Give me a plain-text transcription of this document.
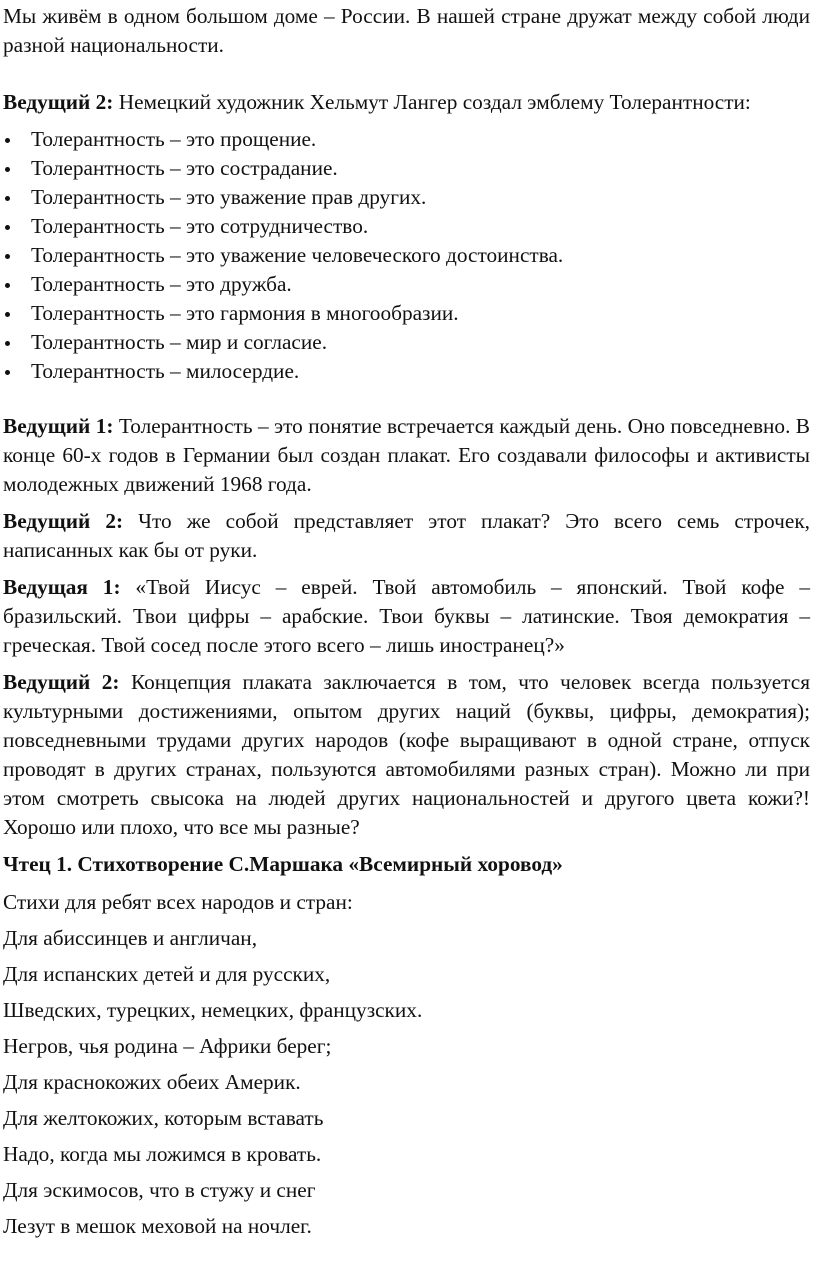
Мы живём в одном большом доме – России. В нашей стране дружат между собой люди разной национальности.

Ведущий 2: Немецкий художник Хельмут Лангер создал эмблему Толерантности:

Толерантность – это прощение.
Толерантность – это сострадание.
Толерантность – это уважение прав других.
Толерантность – это сотрудничество.
Толерантность – это уважение человеческого достоинства.
Толерантность – это дружба.
Толерантность – это гармония в многообразии.
Толерантность – мир и согласие.
Толерантность – милосердие.

Ведущий 1: Толерантность – это понятие встречается каждый день. Оно повседневно. В конце 60-х годов в Германии был создан плакат. Его создавали философы и активисты молодежных движений 1968 года.

Ведущий 2: Что же собой представляет этот плакат? Это всего семь строчек, написанных как бы от руки.

Ведущая 1: «Твой Иисус – еврей. Твой автомобиль – японский. Твой кофе – бразильский. Твои цифры – арабские. Твои буквы – латинские. Твоя демократия – греческая. Твой сосед после этого всего – лишь иностранец?»

Ведущий 2: Концепция плаката заключается в том, что человек всегда пользуется культурными достижениями, опытом других наций (буквы, цифры, демократия); повседневными трудами других народов (кофе выращивают в одной стране, отпуск проводят в других странах, пользуются автомобилями разных стран). Можно ли при этом смотреть свысока на людей других национальностей и другого цвета кожи?! Хорошо или плохо, что все мы разные?

Чтец 1. Стихотворение С.Маршака «Всемирный хоровод»

Стихи для ребят всех народов и стран:

Для абиссинцев и англичан,

Для испанских детей и для русских,

Шведских, турецких, немецких, французских.

Негров, чья родина – Африки берег;

Для краснокожих обеих Америк.

Для желтокожих, которым вставать

Надо, когда мы ложимся в кровать.

Для эскимосов, что в стужу и снег

Лезут в мешок меховой на ночлег.
